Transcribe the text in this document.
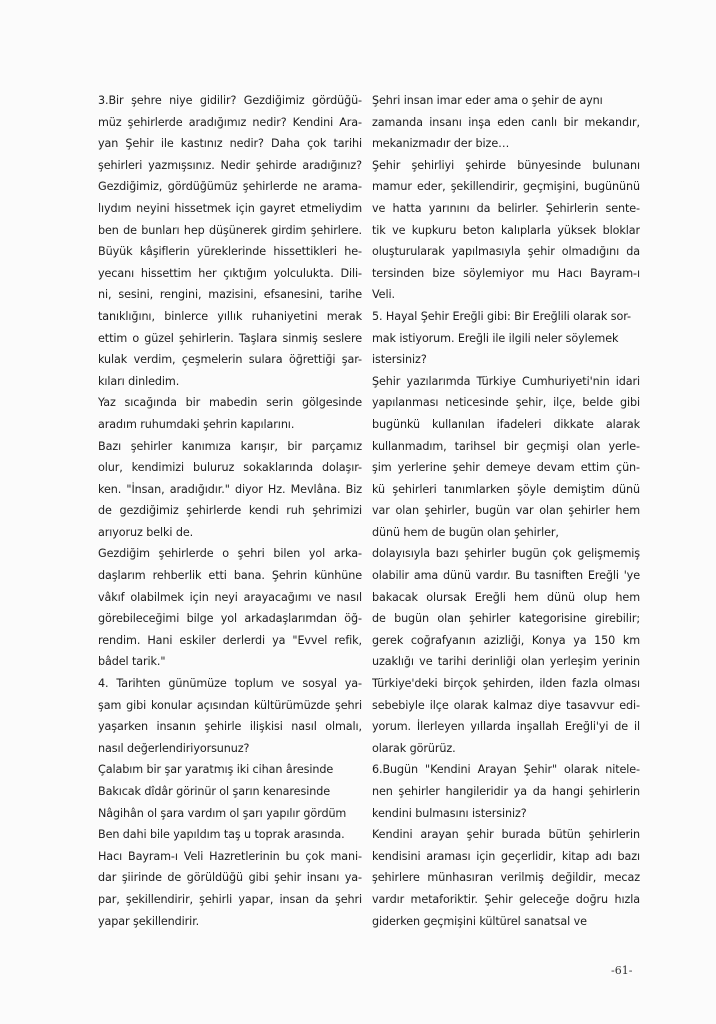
3.Bir şehre niye gidilir? Gezdiğimiz gördüğü-
müz şehirlerde aradığımız nedir? Kendini Ara-
yan Şehir ile kastınız nedir? Daha çok tarihi
şehirleri yazmışsınız. Nedir şehirde aradığınız?
Gezdiğimiz, gördüğümüz şehirlerde ne arama-
lıydım neyini hissetmek için gayret etmeliydim
ben de bunları hep düşünerek girdim şehirlere.
Büyük kâşiflerin yüreklerinde hissettikleri he-
yecanı hissettim her çıktığım yolculukta. Dili-
ni, sesini, rengini, mazisini, efsanesini, tarihe
tanıklığını, binlerce yıllık ruhaniyetini merak
ettim o güzel şehirlerin. Taşlara sinmiş seslere
kulak verdim, çeşmelerin sulara öğrettiği şar-
kıları dinledim.
Yaz sıcağında bir mabedin serin gölgesinde
aradım ruhumdaki şehrin kapılarını.
Bazı şehirler kanımıza karışır, bir parçamız
olur, kendimizi buluruz sokaklarında dolaşır-
ken. "İnsan, aradığıdır." diyor Hz. Mevlâna. Biz
de gezdiğimiz şehirlerde kendi ruh şehrimizi
arıyoruz belki de.
Gezdiğim şehirlerde o şehri bilen yol arka-
daşlarım rehberlik etti bana. Şehrin künhüne
vâkıf olabilmek için neyi arayacağımı ve nasıl
görebileceğimi bilge yol arkadaşlarımdan öğ-
rendim. Hani eskiler derlerdi ya "Evvel refik,
bâdel tarik."
4. Tarihten günümüze toplum ve sosyal ya-
şam gibi konular açısından kültürümüzde şehri
yaşarken insanın şehirle ilişkisi nasıl olmalı,
nasıl değerlendiriyorsunuz?
Çalabım bir şar yaratmış iki cihan âresinde
Bakıcak dîdâr görinür ol şarın kenaresinde
Nâgihân ol şara vardım ol şarı yapılır gördüm
Ben dahi bile yapıldım taş u toprak arasında.
Hacı Bayram-ı Veli Hazretlerinin bu çok mani-
dar şiirinde de görüldüğü gibi şehir insanı ya-
par, şekillendirir, şehirli yapar, insan da şehri
yapar şekillendirir.
Şehri insan imar eder ama o şehir de aynı
zamanda insanı inşa eden canlı bir mekandır,
mekanizmadır der bize…
Şehir şehirliyi şehirde bünyesinde bulunanı
mamur eder, şekillendirir, geçmişini, bugününü
ve hatta yarınını da belirler. Şehirlerin sente-
tik ve kupkuru beton kalıplarla yüksek bloklar
oluşturularak yapılmasıyla şehir olmadığını da
tersinden bize söylemiyor mu Hacı Bayram-ı
Veli.
5. Hayal Şehir Ereğli gibi: Bir Ereğlili olarak sor-
mak istiyorum. Ereğli ile ilgili neler söylemek
istersiniz?
Şehir yazılarımda Türkiye Cumhuriyeti'nin idari
yapılanması neticesinde şehir, ilçe, belde gibi
bugünkü kullanılan ifadeleri dikkate alarak
kullanmadım, tarihsel bir geçmişi olan yerle-
şim yerlerine şehir demeye devam ettim çün-
kü şehirleri tanımlarken şöyle demiştim dünü
var olan şehirler, bugün var olan şehirler hem
dünü hem de bugün olan şehirler,
dolayısıyla bazı şehirler bugün çok gelişmemiş
olabilir ama dünü vardır. Bu tasniften Ereğli 'ye
bakacak olursak Ereğli hem dünü olup hem
de bugün olan şehirler kategorisine girebilir;
gerek coğrafyanın azizliği, Konya ya 150 km
uzaklığı ve tarihi derinliği olan yerleşim yerinin
Türkiye'deki birçok şehirden, ilden fazla olması
sebebiyle ilçe olarak kalmaz diye tasavvur edi-
yorum. İlerleyen yıllarda inşallah Ereğli'yi de il
olarak görürüz.
6.Bugün "Kendini Arayan Şehir" olarak nitele-
nen şehirler hangileridir ya da hangi şehirlerin
kendini bulmasını istersiniz?
Kendini arayan şehir burada bütün şehirlerin
kendisini araması için geçerlidir, kitap adı bazı
şehirlere münhasıran verilmiş değildir, mecaz
vardır metaforiktir. Şehir geleceğe doğru hızla
giderken geçmişini kültürel sanatsal ve
-61-
